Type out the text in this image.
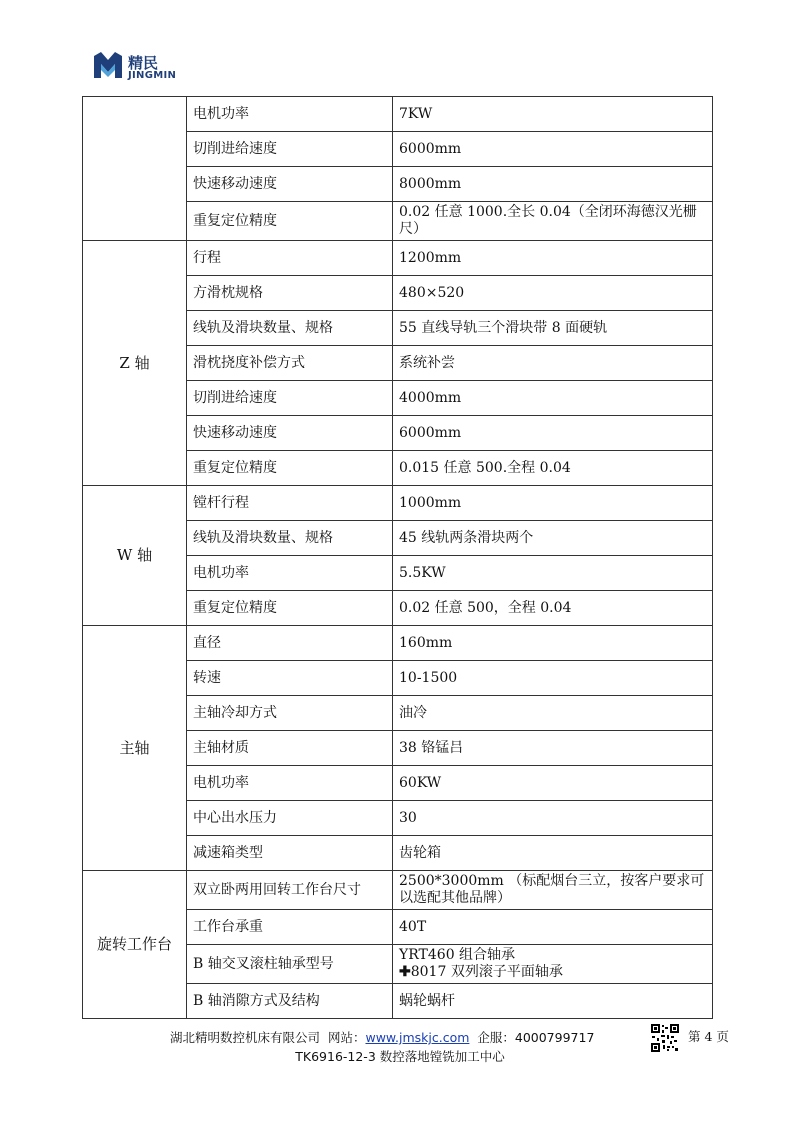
精民
JINGMIN
	电机功率	7KW
	切削进给速度	6000mm
	快速移动速度	8000mm
	重复定位精度	0.02 任意 1000.全长 0.04（全闭环海德汉光栅尺）
Z 轴	行程	1200mm
	方滑枕规格	480×520
	线轨及滑块数量、规格	55 直线导轨三个滑块带 8 面硬轨
	滑枕挠度补偿方式	系统补尝
	切削进给速度	4000mm
	快速移动速度	6000mm
	重复定位精度	0.015 任意 500.全程 0.04
W 轴	镗杆行程	1000mm
	线轨及滑块数量、规格	45 线轨两条滑块两个
	电机功率	5.5KW
	重复定位精度	0.02 任意 500，全程 0.04
主轴	直径	160mm
	转速	10-1500
	主轴冷却方式	油冷
	主轴材质	38 铬锰吕
	电机功率	60KW
	中心出水压力	30
	减速箱类型	齿轮箱
旋转工作台	双立卧两用回转工作台尺寸	2500*3000mm （标配烟台三立，按客户要求可以选配其他品牌）
	工作台承重	40T
	B 轴交叉滚柱轴承型号	YRT460 组合轴承
✚8017 双列滚子平面轴承
	B 轴消隙方式及结构	蜗轮蜗杆
湖北精明数控机床有限公司 网站：www.jmskjc.com 企服：4000799717
TK6916-12-3 数控落地镗铣加工中心
第 4 页
